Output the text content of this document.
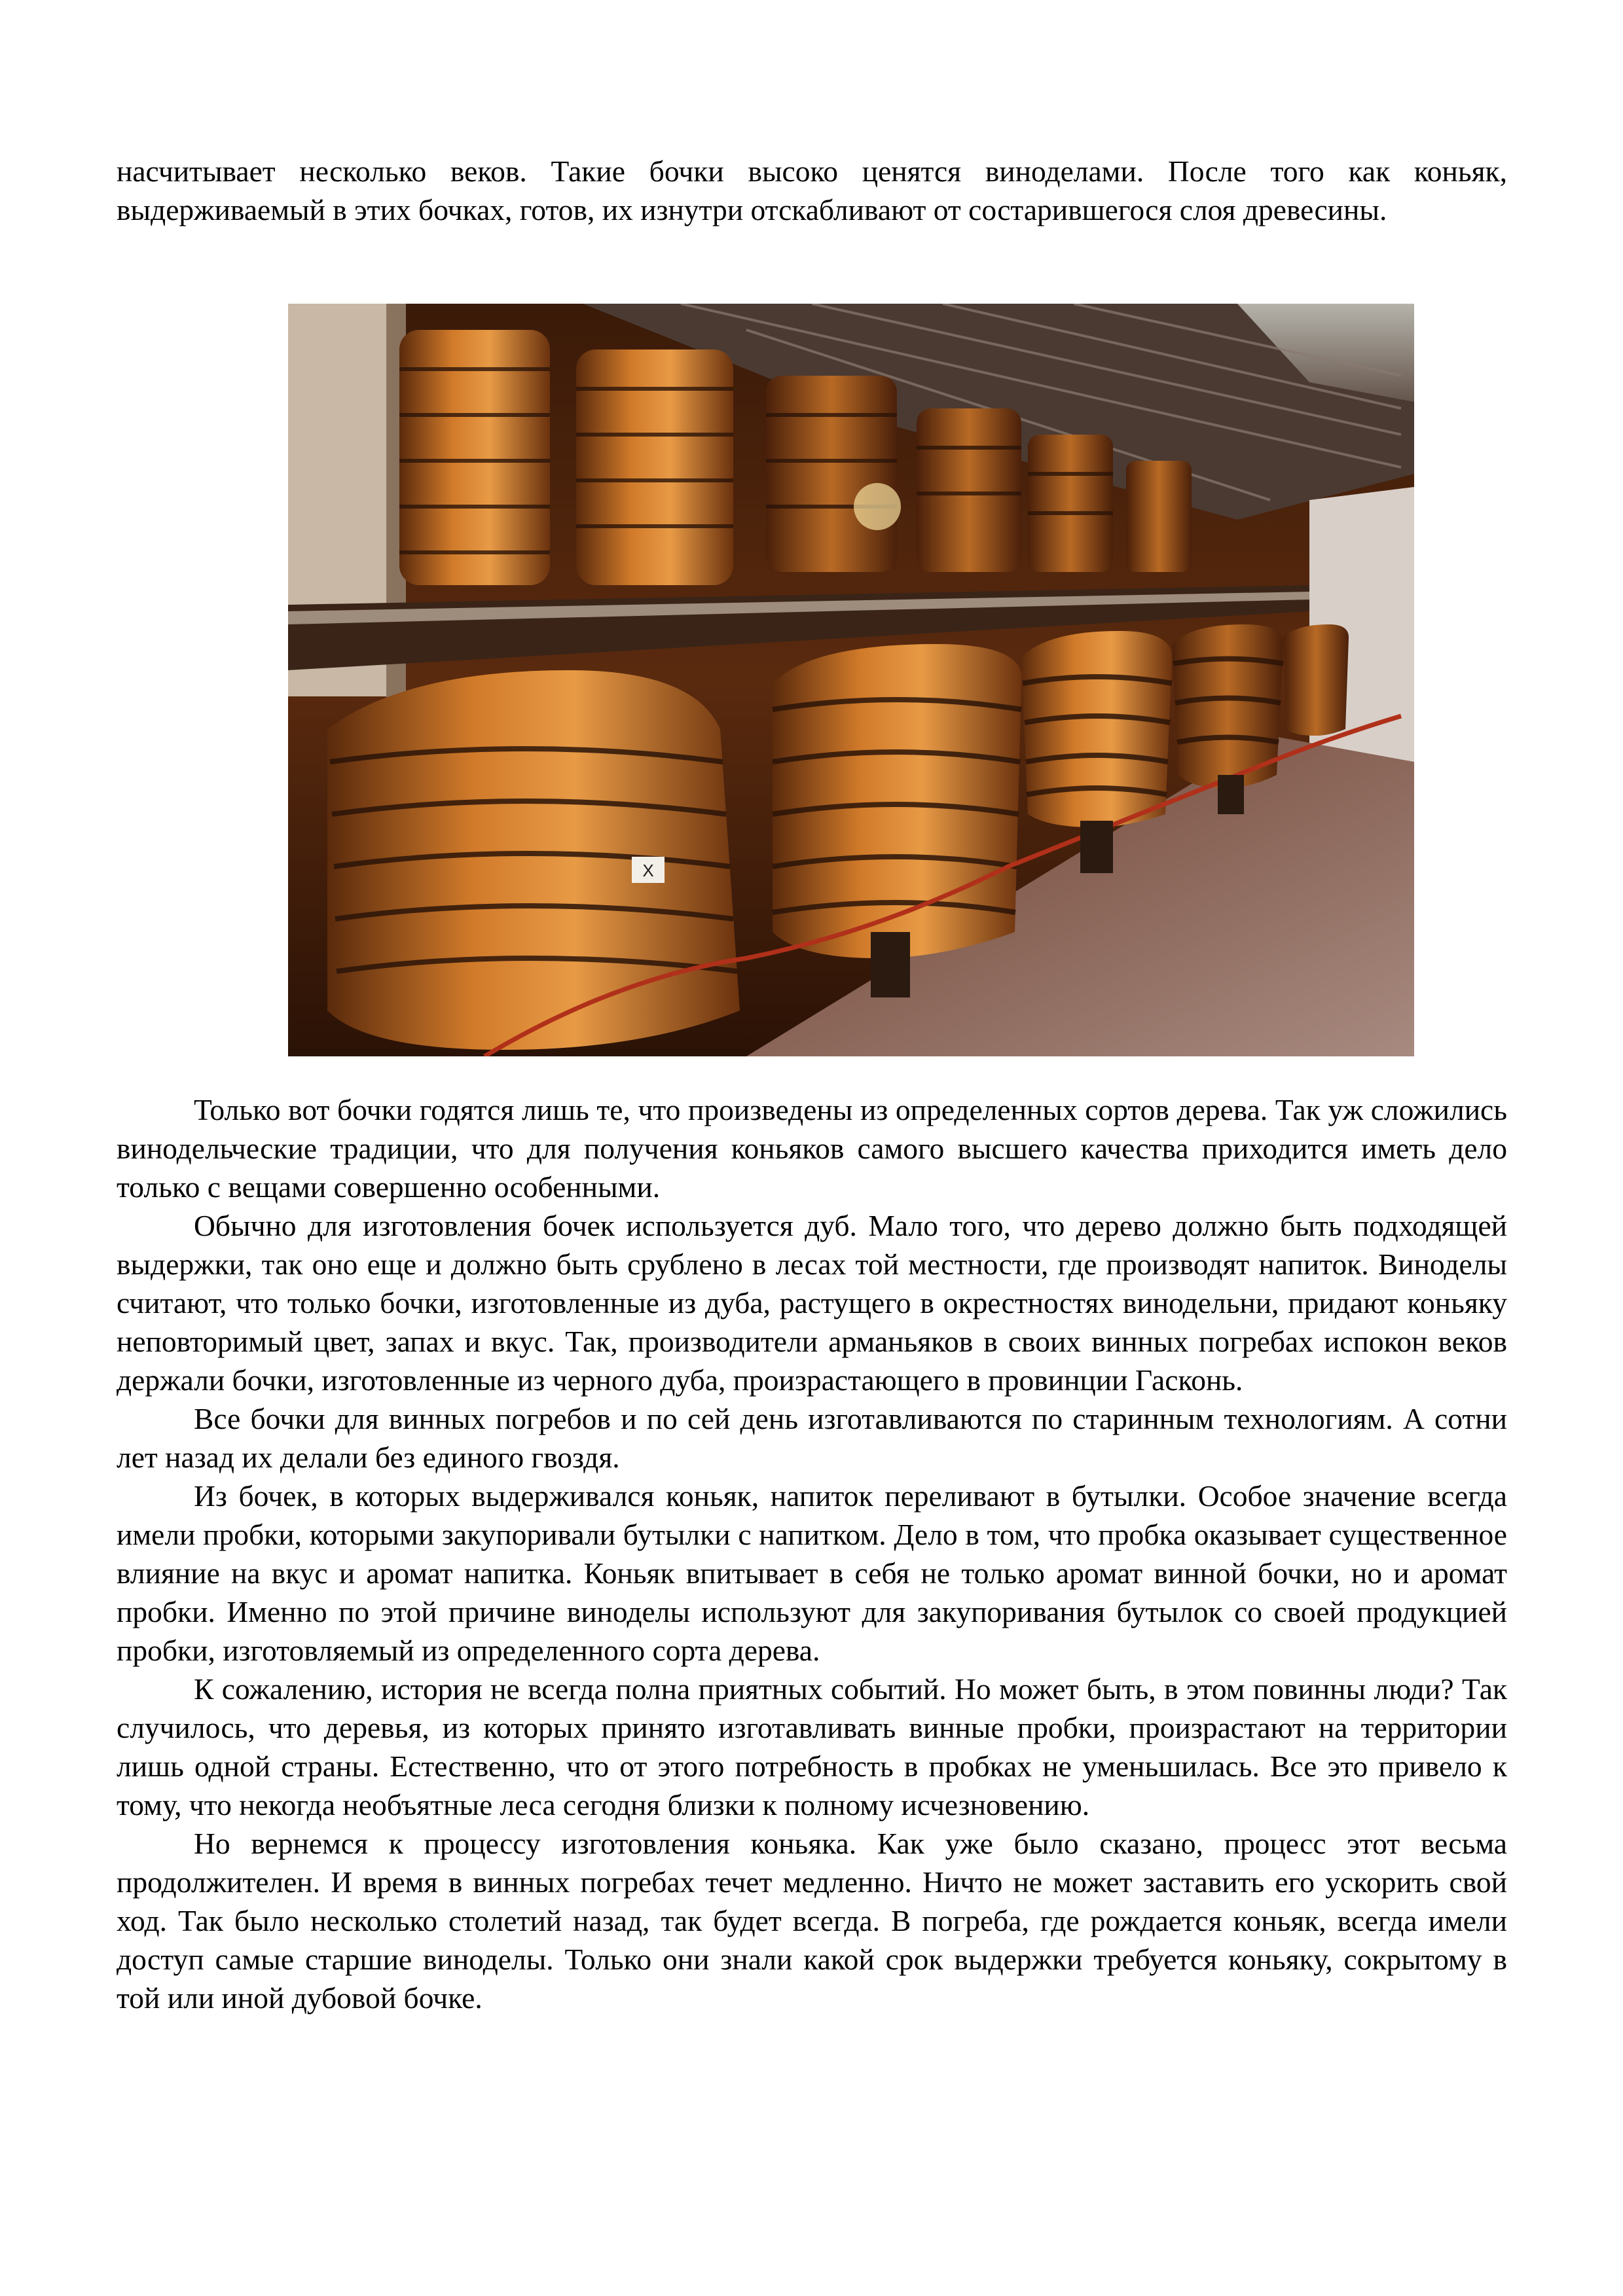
насчитывает несколько веков. Такие бочки высоко ценятся виноделами. После того как коньяк, выдерживаемый в этих бочках, готов, их изнутри отскабливают от состарившегося слоя древесины.

X

Только вот бочки годятся лишь те, что произведены из определенных сортов дерева. Так уж сложились винодельческие традиции, что для получения коньяков самого высшего качества приходится иметь дело только с вещами совершенно особенными.

Обычно для изготовления бочек используется дуб. Мало того, что дерево должно быть подходящей выдержки, так оно еще и должно быть срублено в лесах той местности, где производят напиток. Виноделы считают, что только бочки, изготовленные из дуба, растущего в окрестностях винодельни, придают коньяку неповторимый цвет, запах и вкус. Так, производители арманьяков в своих винных погребах испокон веков держали бочки, изготовленные из черного дуба, произрастающего в провинции Гасконь.

Все бочки для винных погребов и по сей день изготавливаются по старинным технологиям. А сотни лет назад их делали без единого гвоздя.

Из бочек, в которых выдерживался коньяк, напиток переливают в бутылки. Особое значение всегда имели пробки, которыми закупоривали бутылки с напитком. Дело в том, что пробка оказывает существенное влияние на вкус и аромат напитка. Коньяк впитывает в себя не только аромат винной бочки, но и аромат пробки. Именно по этой причине виноделы используют для закупоривания бутылок со своей продукцией пробки, изготовляемый из определенного сорта дерева.

К сожалению, история не всегда полна приятных событий. Но может быть, в этом повинны люди? Так случилось, что деревья, из которых принято изготавливать винные пробки, произрастают на территории лишь одной страны. Естественно, что от этого потребность в пробках не уменьшилась. Все это привело к тому, что некогда необъятные леса сегодня близки к полному исчезновению.

Но вернемся к процессу изготовления коньяка. Как уже было сказано, процесс этот весьма продолжителен. И время в винных погребах течет медленно. Ничто не может заставить его ускорить свой ход. Так было несколько столетий назад, так будет всегда. В погреба, где рождается коньяк, всегда имели доступ самые старшие виноделы. Только они знали какой срок выдержки требуется коньяку, сокрытому в той или иной дубовой бочке.
